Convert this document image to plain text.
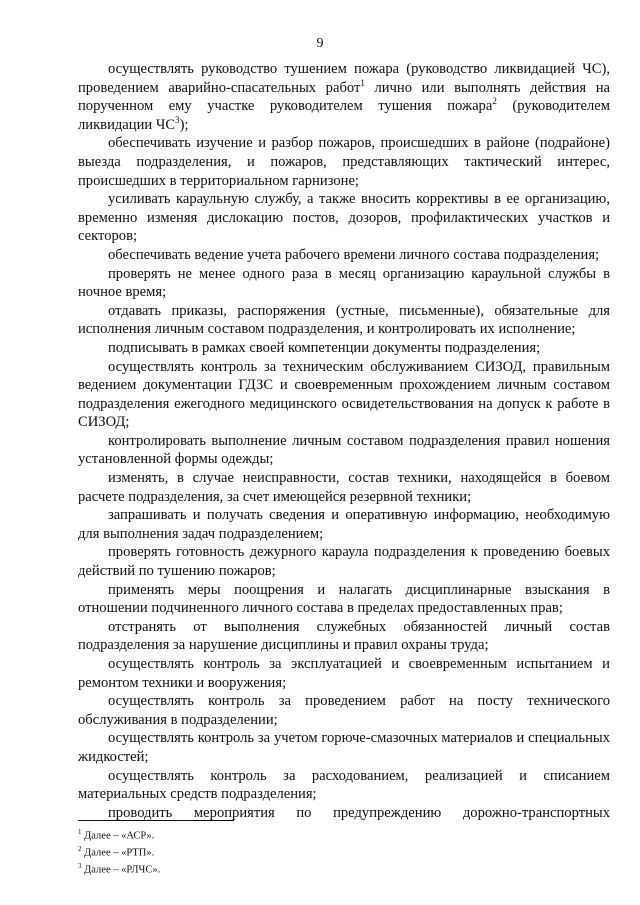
9

осуществлять руководство тушением пожара (руководство ликвидацией ЧС), проведением аварийно-спасательных работ$^1$ лично или выполнять действия на порученном ему участке руководителем тушения пожара$^2$ (руководителем ликвидации $ЧС^3$);

обеспечивать изучение и разбор пожаров, происшедших в районе (подрайоне) выезда подразделения, и пожаров, представляющих тактический интерес, происшедших в территориальном гарнизоне;

усиливать караульную службу, а также вносить коррективы в ее организацию, временно изменяя дислокацию постов, дозоров, профилактических участков и секторов;

обеспечивать ведение учета рабочего времени личного состава подразделения;

проверять не менее одного раза в месяц организацию караульной службы в ночное время;

отдавать приказы, распоряжения (устные, письменные), обязательные для исполнения личным составом подразделения, и контролировать их исполнение;

подписывать в рамках своей компетенции документы подразделения;

осуществлять контроль за техническим обслуживанием СИЗОД, правильным ведением документации ГДЗС и своевременным прохождением личным составом подразделения ежегодного медицинского освидетельствования на допуск к работе в СИЗОД;

контролировать выполнение личным составом подразделения правил ношения установленной формы одежды;

изменять, в случае неисправности, состав техники, находящейся в боевом расчете подразделения, за счет имеющейся резервной техники;

запрашивать и получать сведения и оперативную информацию, необходимую для выполнения задач подразделением;

проверять готовность дежурного караула подразделения к проведению боевых действий по тушению пожаров;

применять меры поощрения и налагать дисциплинарные взыскания в отношении подчиненного личного состава в пределах предоставленных прав;

отстранять от выполнения служебных обязанностей личный состав подразделения за нарушение дисциплины и правил охраны труда;

осуществлять контроль за эксплуатацией и своевременным испытанием и ремонтом техники и вооружения;

осуществлять контроль за проведением работ на посту технического обслуживания в подразделении;

осуществлять контроль за учетом горюче-смазочных материалов и специальных жидкостей;

осуществлять контроль за расходованием, реализацией и списанием материальных средств подразделения;

проводить мероприятия по предупреждению дорожно-транспортных

$^1$ Далее – «АСР».

$^2$ Далее – «РТП».

$^3$ Далее – «РЛЧС».
